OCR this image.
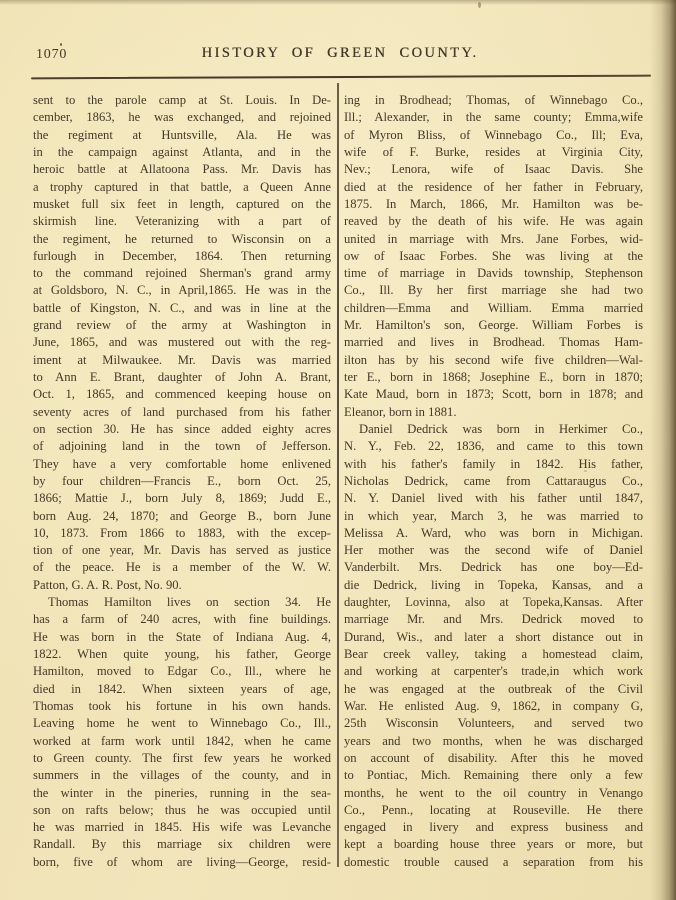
1070	HISTORY OF GREEN COUNTY.
sent to the parole camp at St. Louis. In De-
cember, 1863, he was exchanged, and rejoined
the regiment at Huntsville, Ala. He was
in the campaign against Atlanta, and in the
heroic battle at Allatoona Pass. Mr. Davis has
a trophy captured in that battle, a Queen Anne
musket full six feet in length, captured on the
skirmish line. Veteranizing with a part of
the regiment, he returned to Wisconsin on a
furlough in December, 1864. Then returning
to the command rejoined Sherman's grand army
at Goldsboro, N. C., in April,1865. He was in the
battle of Kingston, N. C., and was in line at the
grand review of the army at Washington in
June, 1865, and was mustered out with the reg-
iment at Milwaukee. Mr. Davis was married
to Ann E. Brant, daughter of John A. Brant,
Oct. 1, 1865, and commenced keeping house on
seventy acres of land purchased from his father
on section 30. He has since added eighty acres
of adjoining land in the town of Jefferson.
They have a very comfortable home enlivened
by four children—Francis E., born Oct. 25,
1866; Mattie J., born July 8, 1869; Judd E.,
born Aug. 24, 1870; and George B., born June
10, 1873. From 1866 to 1883, with the excep-
tion of one year, Mr. Davis has served as justice
of the peace. He is a member of the W. W.
Patton, G. A. R. Post, No. 90.
Thomas Hamilton lives on section 34. He
has a farm of 240 acres, with fine buildings.
He was born in the State of Indiana Aug. 4,
1822. When quite young, his father, George
Hamilton, moved to Edgar Co., Ill., where he
died in 1842. When sixteen years of age,
Thomas took his fortune in his own hands.
Leaving home he went to Winnebago Co., Ill.,
worked at farm work until 1842, when he came
to Green county. The first few years he worked
summers in the villages of the county, and in
the winter in the pineries, running in the sea-
son on rafts below; thus he was occupied until
he was married in 1845. His wife was Levanche
Randall. By this marriage six children were
born, five of whom are living—George, resid-
ing in Brodhead; Thomas, of Winnebago Co.,
Ill.; Alexander, in the same county; Emma,wife
of Myron Bliss, of Winnebago Co., Ill; Eva,
wife of F. Burke, resides at Virginia City,
Nev.; Lenora, wife of Isaac Davis. She
died at the residence of her father in February,
1875. In March, 1866, Mr. Hamilton was be-
reaved by the death of his wife. He was again
united in marriage with Mrs. Jane Forbes, wid-
ow of Isaac Forbes. She was living at the
time of marriage in Davids township, Stephenson
Co., Ill. By her first marriage she had two
children—Emma and William. Emma married
Mr. Hamilton's son, George. William Forbes is
married and lives in Brodhead. Thomas Ham-
ilton has by his second wife five children—Wal-
ter E., born in 1868; Josephine E., born in 1870;
Kate Maud, born in 1873; Scott, born in 1878; and
Eleanor, born in 1881.
Daniel Dedrick was born in Herkimer Co.,
N. Y., Feb. 22, 1836, and came to this town
with his father's family in 1842. His father,
Nicholas Dedrick, came from Cattaraugus Co.,
N. Y. Daniel lived with his father until 1847,
in which year, March 3, he was married to
Melissa A. Ward, who was born in Michigan.
Her mother was the second wife of Daniel
Vanderbilt. Mrs. Dedrick has one boy—Ed-
die Dedrick, living in Topeka, Kansas, and a
daughter, Lovinna, also at Topeka,Kansas. After
marriage Mr. and Mrs. Dedrick moved to
Durand, Wis., and later a short distance out in
Bear creek valley, taking a homestead claim,
and working at carpenter's trade,in which work
he was engaged at the outbreak of the Civil
War. He enlisted Aug. 9, 1862, in company G,
25th Wisconsin Volunteers, and served two
years and two months, when he was discharged
on account of disability. After this he moved
to Pontiac, Mich. Remaining there only a few
months, he went to the oil country in Venango
Co., Penn., locating at Rouseville. He there
engaged in livery and express business and
kept a boarding house three years or more, but
domestic trouble caused a separation from his
